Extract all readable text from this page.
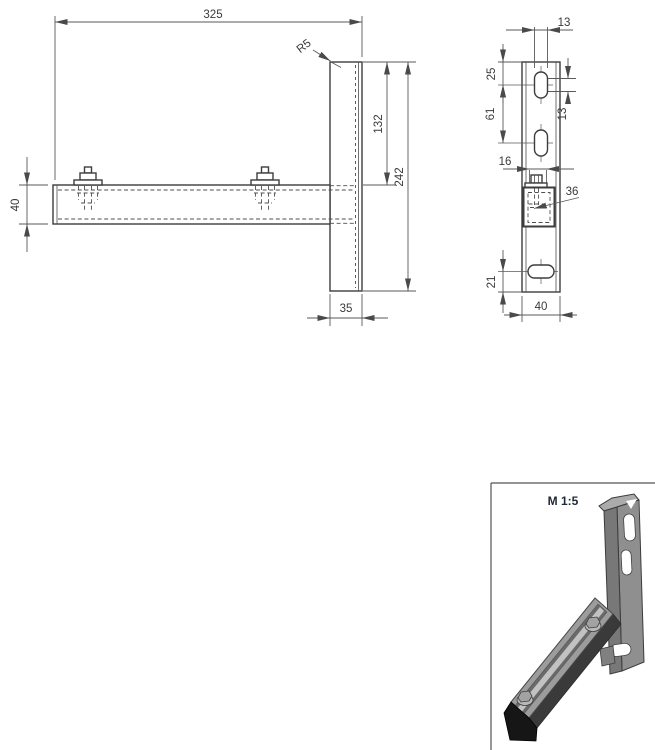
325
R5
132
242
40
35
13
25
61	13
16
36
21
40
M 1:5
